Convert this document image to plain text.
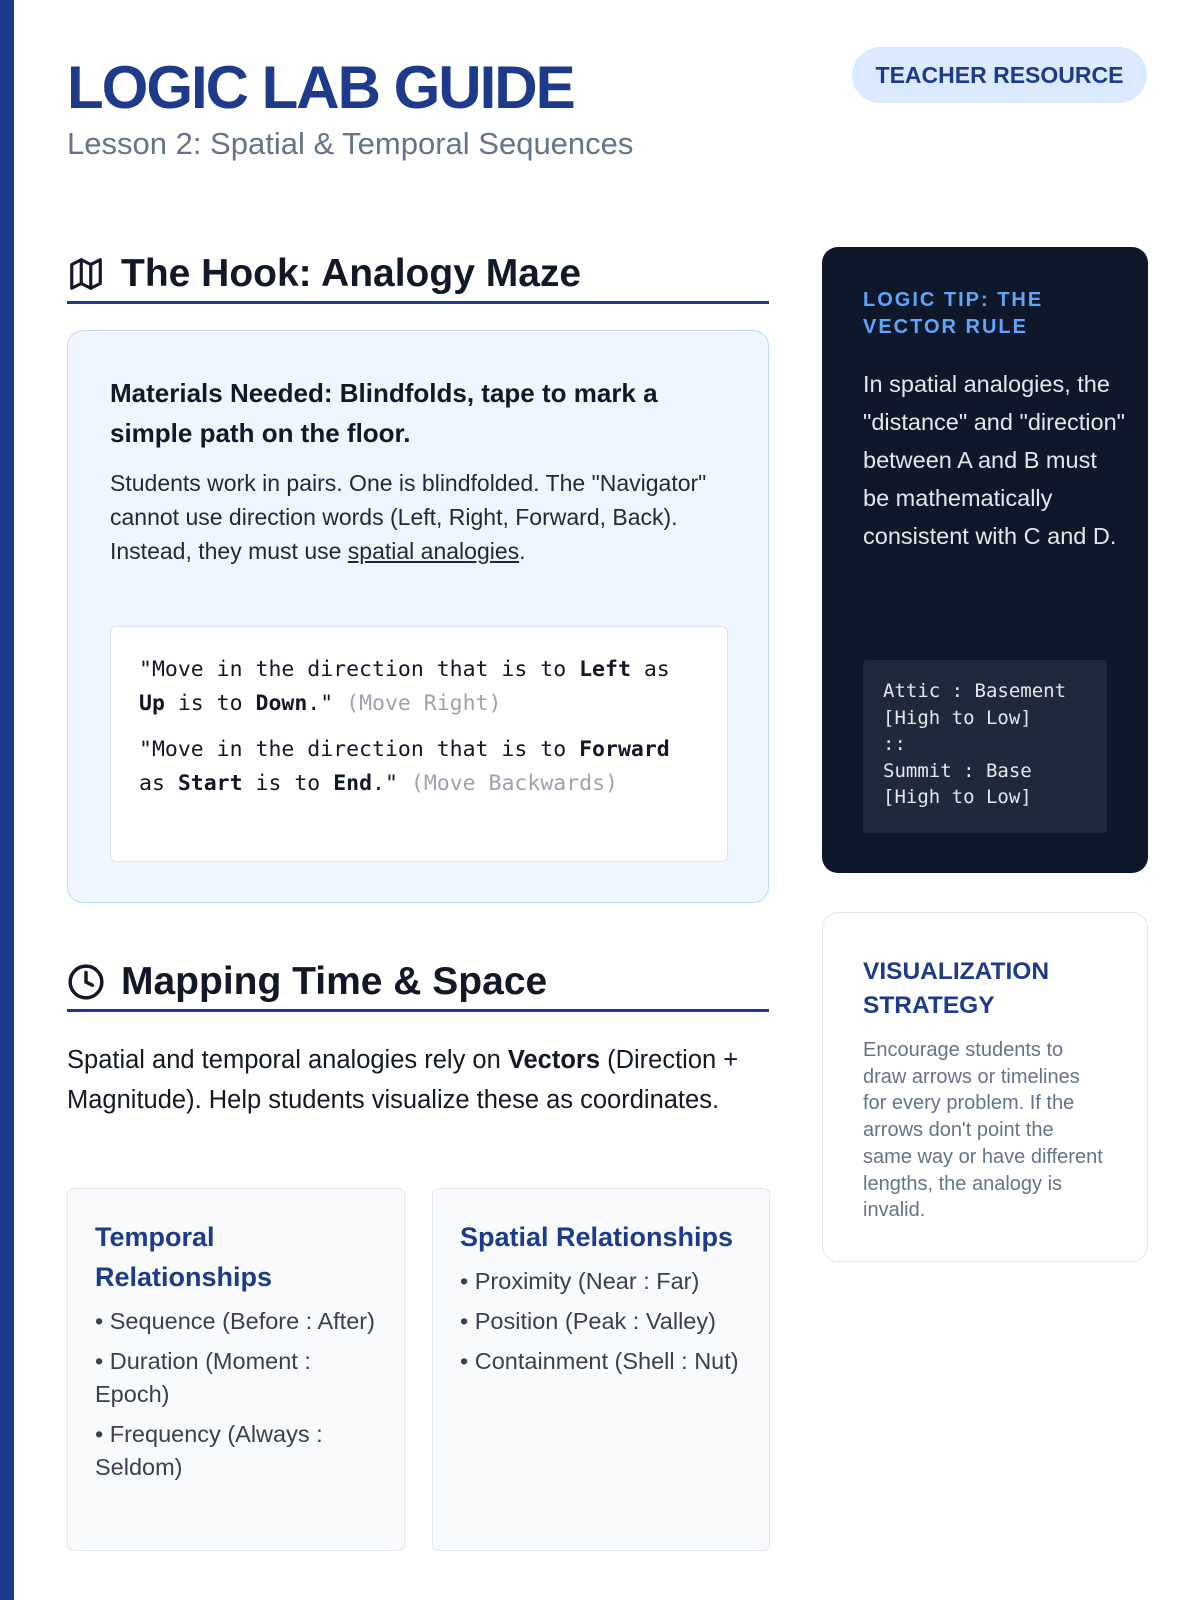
LOGIC LAB GUIDE
Lesson 2: Spatial & Temporal Sequences
TEACHER RESOURCE
The Hook: Analogy Maze
Materials Needed: Blindfolds, tape to mark a simple path on the floor.
Students work in pairs. One is blindfolded. The "Navigator" cannot use direction words (Left, Right, Forward, Back). Instead, they must use spatial analogies.

"Move in the direction that is to Left as Up is to Down." (Move Right)

"Move in the direction that is to Forward as Start is to End." (Move Backwards)

LOGIC TIP: THE VECTOR RULE
In spatial analogies, the "distance" and "direction" between A and B must be mathematically consistent with C and D.
Attic : Basement
[High to Low]
::
Summit : Base
[High to Low]
Mapping Time & Space
Spatial and temporal analogies rely on Vectors (Direction + Magnitude). Help students visualize these as coordinates.
Temporal Relationships
• Sequence (Before : After)
• Duration (Moment : Epoch)
• Frequency (Always : Seldom)
Spatial Relationships
• Proximity (Near : Far)
• Position (Peak : Valley)
• Containment (Shell : Nut)
VISUALIZATION STRATEGY

Encourage students to draw arrows or timelines for every problem. If the arrows don't point the same way or have different lengths, the analogy is invalid.
